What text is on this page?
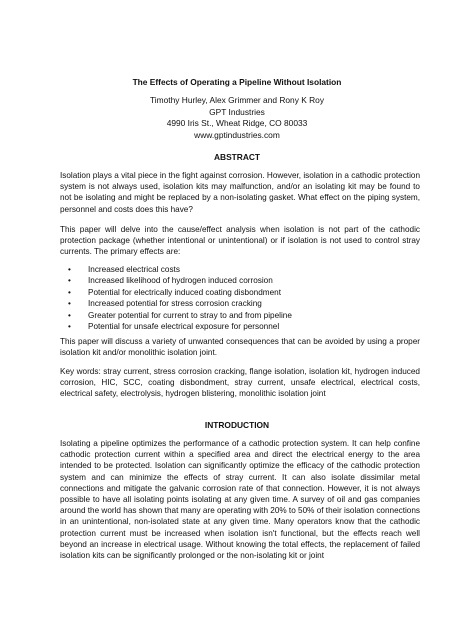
The Effects of Operating a Pipeline Without Isolation
Timothy Hurley, Alex Grimmer and Rony K Roy
GPT Industries
4990 Iris St., Wheat Ridge, CO 80033
www.gptindustries.com
ABSTRACT

Isolation plays a vital piece in the fight against corrosion. However, isolation in a cathodic protection system is not always used, isolation kits may malfunction, and/or an isolating kit may be found to not be isolating and might be replaced by a non-isolating gasket. What effect on the piping system, personnel and costs does this have?

This paper will delve into the cause/effect analysis when isolation is not part of the cathodic protection package (whether intentional or unintentional) or if isolation is not used to control stray currents. The primary effects are:

• Increased electrical costs
• Increased likelihood of hydrogen induced corrosion
• Potential for electrically induced coating disbondment
• Increased potential for stress corrosion cracking
• Greater potential for current to stray to and from pipeline
• Potential for unsafe electrical exposure for personnel

This paper will discuss a variety of unwanted consequences that can be avoided by using a proper isolation kit and/or monolithic isolation joint.

Key words: stray current, stress corrosion cracking, flange isolation, isolation kit, hydrogen induced corrosion, HIC, SCC, coating disbondment, stray current, unsafe electrical, electrical costs, electrical safety, electrolysis, hydrogen blistering, monolithic isolation joint

INTRODUCTION

Isolating a pipeline optimizes the performance of a cathodic protection system. It can help confine cathodic protection current within a specified area and direct the electrical energy to the area intended to be protected. Isolation can significantly optimize the efficacy of the cathodic protection system and can minimize the effects of stray current. It can also isolate dissimilar metal connections and mitigate the galvanic corrosion rate of that connection. However, it is not always possible to have all isolating points isolating at any given time. A survey of oil and gas companies around the world has shown that many are operating with 20% to 50% of their isolation connections in an unintentional, non-isolated state at any given time. Many operators know that the cathodic protection current must be increased when isolation isn't functional, but the effects reach well beyond an increase in electrical usage. Without knowing the total effects, the replacement of failed isolation kits can be significantly prolonged or the non-isolating kit or joint
